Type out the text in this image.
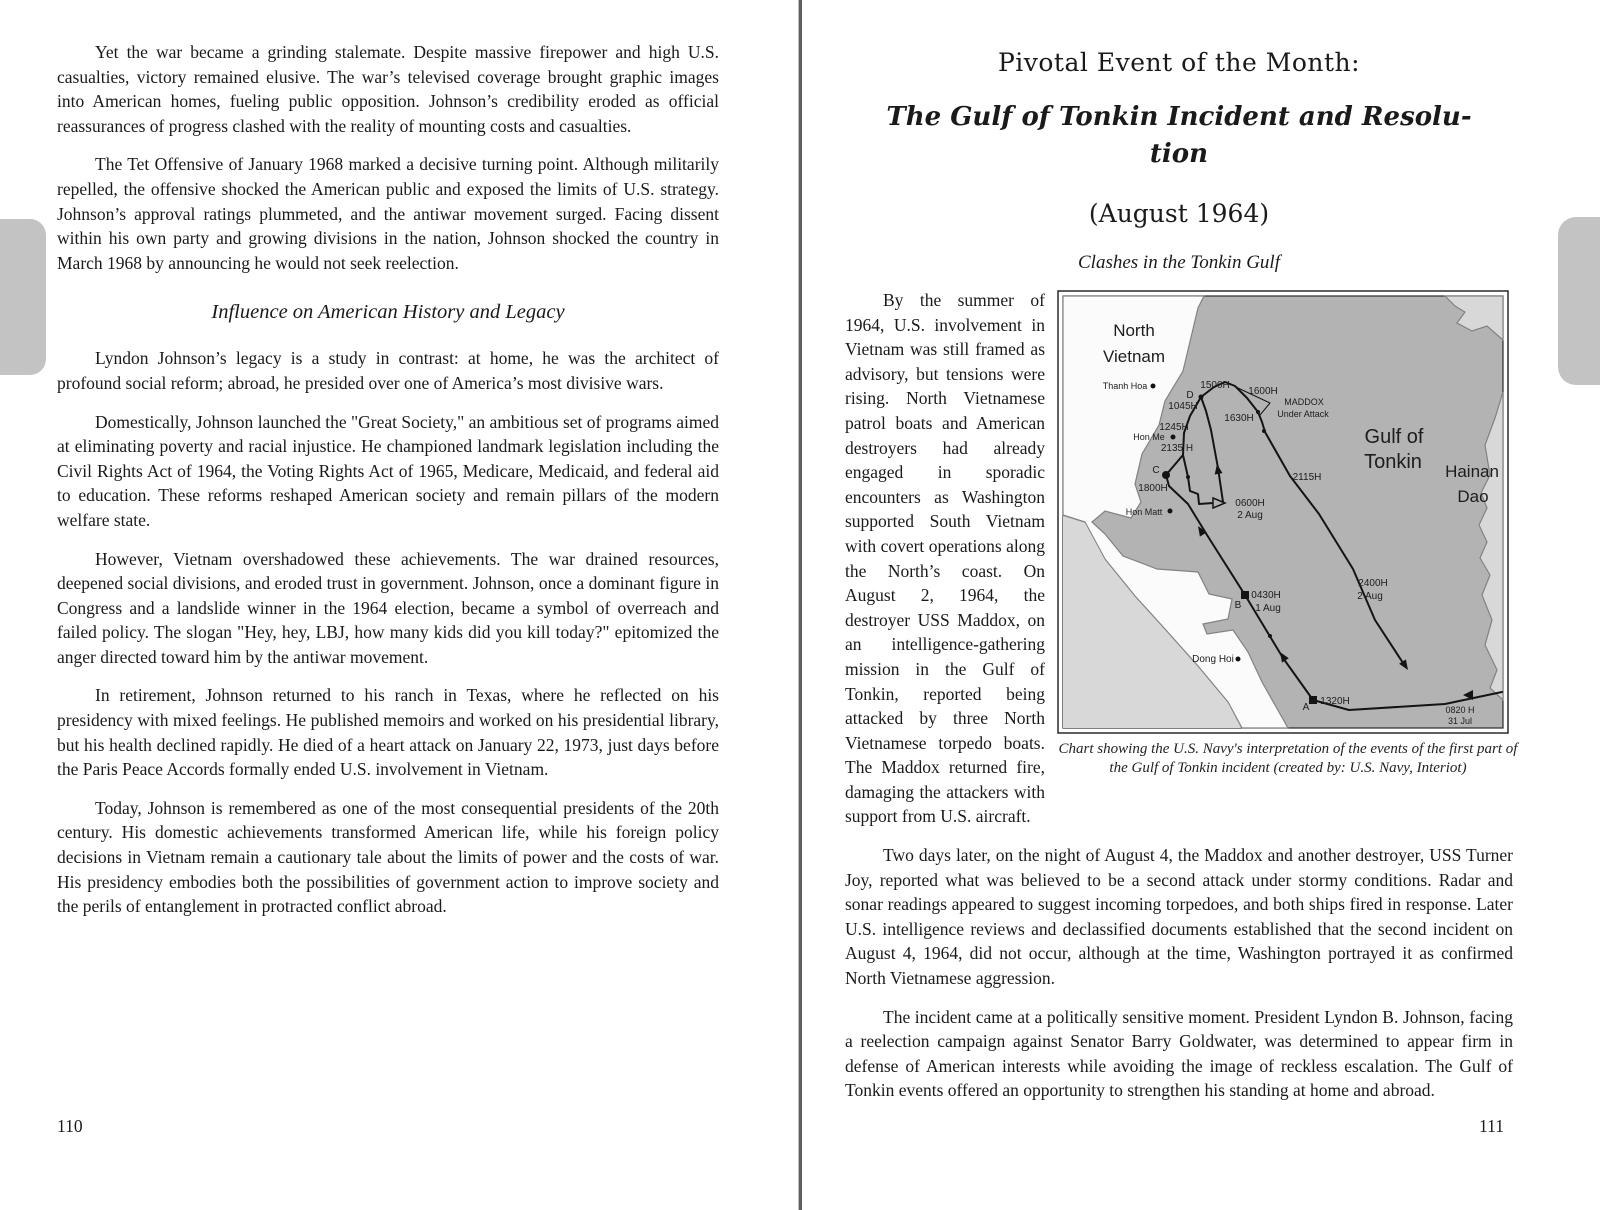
Yet the war became a grinding stalemate. Despite massive firepower and high U.S. casualties, victory remained elusive. The war’s televised coverage brought graphic images into American homes, fueling public opposition. Johnson’s credibility eroded as official reassurances of progress clashed with the reality of mounting costs and casualties.

The Tet Offensive of January 1968 marked a decisive turning point. Although militarily repelled, the offensive shocked the American public and exposed the limits of U.S. strategy. Johnson’s approval ratings plummeted, and the antiwar movement surged. Facing dissent within his own party and growing divisions in the nation, Johnson shocked the country in March 1968 by announcing he would not seek reelection.

Influence on American History and Legacy

Lyndon Johnson’s legacy is a study in contrast: at home, he was the architect of profound social reform; abroad, he presided over one of America’s most divisive wars.

Domestically, Johnson launched the "Great Society," an ambitious set of programs aimed at eliminating poverty and racial injustice. He championed landmark legislation including the Civil Rights Act of 1964, the Voting Rights Act of 1965, Medicare, Medicaid, and federal aid to education. These reforms reshaped American society and remain pillars of the modern welfare state.

However, Vietnam overshadowed these achievements. The war drained resources, deepened social divisions, and eroded trust in government. Johnson, once a dominant figure in Congress and a landslide winner in the 1964 election, became a symbol of overreach and failed policy. The slogan "Hey, hey, LBJ, how many kids did you kill today?" epitomized the anger directed toward him by the antiwar movement.

In retirement, Johnson returned to his ranch in Texas, where he reflected on his presidency with mixed feelings. He published memoirs and worked on his presidential library, but his health declined rapidly. He died of a heart attack on January 22, 1973, just days before the Paris Peace Accords formally ended U.S. involvement in Vietnam.

Today, Johnson is remembered as one of the most consequential presidents of the 20th century. His domestic achievements transformed American life, while his foreign policy decisions in Vietnam remain a cautionary tale about the limits of power and the costs of war. His presidency embodies both the possibilities of government action to improve society and the perils of entanglement in protracted conflict abroad.

110
Pivotal Event of the Month:
The Gulf of Tonkin Incident and Resolu-
tion
(August 1964)
Clashes in the Tonkin Gulf
North
Vietnam
Thanh Hoa	1500H
D
1045H
1600H
MADDOX
Under Attack
1630H
1245H
Hon Me
2135 H
C
1800H
Hon Matt
0600H
2 Aug
2115H
Gulf of
Tonkin Hainan
Dao
B
0430H
1 Aug
Dong Hoi
2400H
2 Aug
A
1320H
0820 H
31 Jul
Chart showing the U.S. Navy's interpretation of the events of the first part of the Gulf of Tonkin incident (created by: U.S. Navy, Interiot)

By the summer of 1964, U.S. involvement in Vietnam was still framed as advisory, but tensions were rising. North Vietnamese patrol boats and American destroyers had already engaged in sporadic encounters as Washington supported South Vietnam with covert operations along the North’s coast. On August 2, 1964, the destroyer USS Maddox, on an intelligence-gathering mission in the Gulf of Tonkin, reported being attacked by three North Vietnamese torpedo boats. The Maddox returned fire, damaging the attackers with support from U.S. aircraft.

Two days later, on the night of August 4, the Maddox and another destroyer, USS Turner Joy, reported what was believed to be a second attack under stormy conditions. Radar and sonar readings appeared to suggest incoming torpedoes, and both ships fired in response. Later U.S. intelligence reviews and declassified documents established that the second incident on August 4, 1964, did not occur, although at the time, Washington portrayed it as confirmed North Vietnamese aggression.

The incident came at a politically sensitive moment. President Lyndon B. Johnson, facing a reelection campaign against Senator Barry Goldwater, was determined to appear firm in defense of American interests while avoiding the image of reckless escalation. The Gulf of Tonkin events offered an opportunity to strengthen his standing at home and abroad.

111
